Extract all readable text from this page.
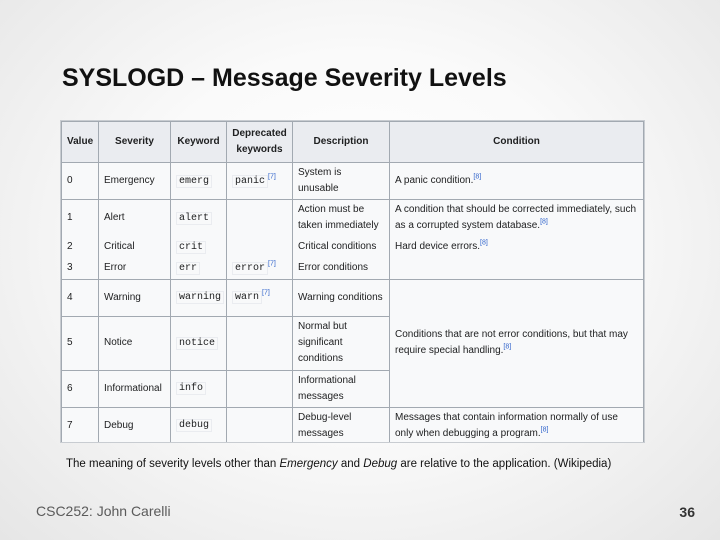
SYSLOGD – Message Severity Levels
Value	Severity	Keyword	Deprecated keywords	Description	Condition
0	Emergency	emerg	panic [7]	System is unusable	A panic condition.[8]
1	Alert	alert		Action must be taken immediately	A condition that should be corrected immediately, such as a corrupted system database.[8]
2	Critical	crit		Critical conditions	Hard device errors.[8]
3	Error	err	error [7]	Error conditions	
4	Warning	warning	warn [7]	Warning conditions	
5	Notice	notice		Normal but significant conditions	Conditions that are not error conditions, but that may require special handling.[8]
6	Informational	info		Informational messages	
7	Debug	debug		Debug-level messages	Messages that contain information normally of use only when debugging a program.[8]
The meaning of severity levels other than Emergency and Debug are relative to the application. (Wikipedia)
CSC252: John Carelli	36
